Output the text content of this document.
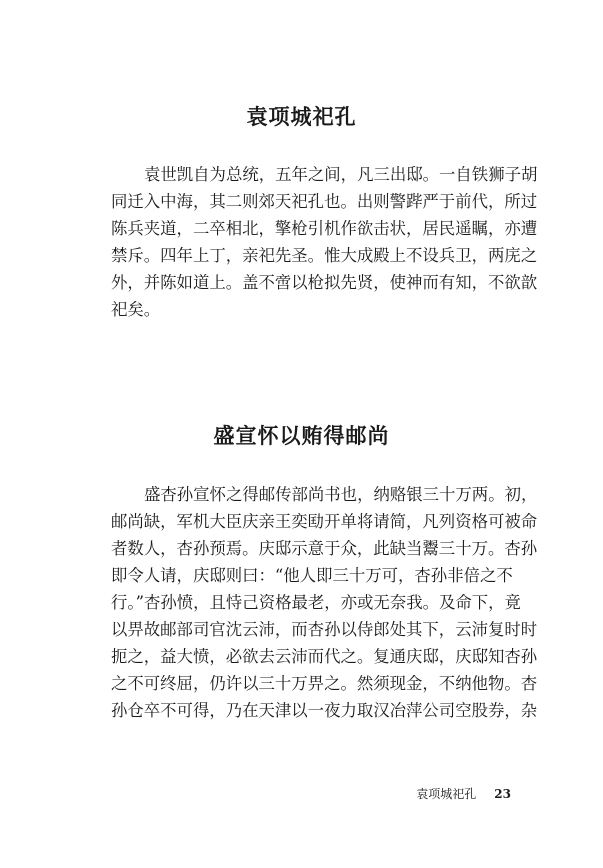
袁项城祀孔
袁世凯自为总统，五年之间，凡三出邸。一自铁狮子胡
同迁入中海，其二则郊天祀孔也。出则警跸严于前代，所过
陈兵夹道，二卒相北，擎枪引机作欲击状，居民遥瞩，亦遭
禁斥。四年上丁，亲祀先圣。惟大成殿上不设兵卫，两庑之
外，并陈如道上。盖不啻以枪拟先贤，使神而有知，不欲歆
祀矣。
盛宣怀以贿得邮尚
盛杏孙宣怀之得邮传部尚书也，纳赂银三十万两。初，
邮尚缺，军机大臣庆亲王奕劻开单将请简，凡列资格可被命
者数人，杏孙预焉。庆邸示意于众，此缺当鬻三十万。杏孙
即令人请，庆邸则曰：“他人即三十万可，杏孙非倍之不
行。”杏孙愤，且恃己资格最老，亦或无奈我。及命下，竟
以畀故邮部司官沈云沛，而杏孙以侍郎处其下，云沛复时时
扼之，益大愤，必欲去云沛而代之。复通庆邸，庆邸知杏孙
之不可终屈，仍许以三十万畀之。然须现金，不纳他物。杏
孙仓卒不可得，乃在天津以一夜力取汉冶萍公司空股券，杂
袁项城祀孔 23
